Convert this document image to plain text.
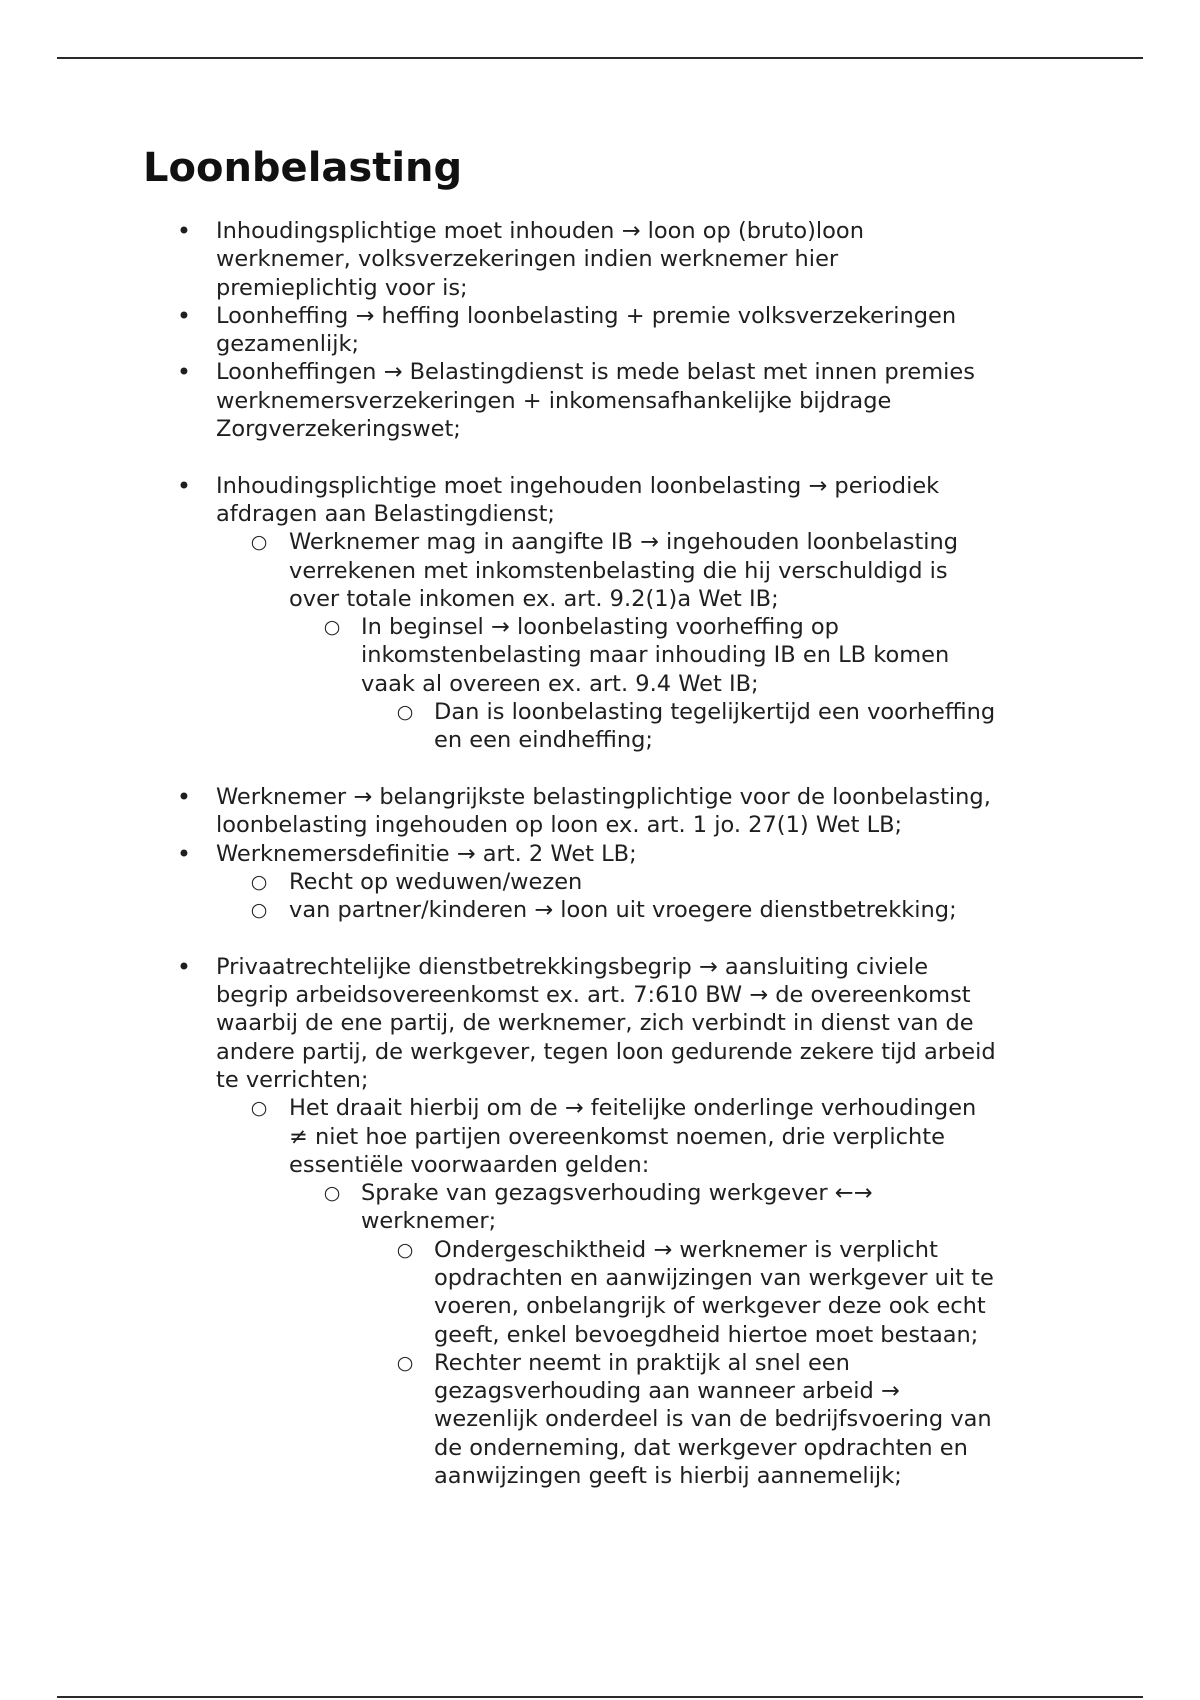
Loonbelasting
• Inhoudingsplichtige moet inhouden → loon op (bruto)loon
werknemer, volksverzekeringen indien werknemer hier
premieplichtig voor is;
• Loonheffing → heffing loonbelasting + premie volksverzekeringen
gezamenlijk;
• Loonheffingen → Belastingdienst is mede belast met innen premies
werknemersverzekeringen + inkomensafhankelijke bijdrage
Zorgverzekeringswet;
• Inhoudingsplichtige moet ingehouden loonbelasting → periodiek
afdragen aan Belastingdienst;
○ Werknemer mag in aangifte IB → ingehouden loonbelasting
verrekenen met inkomstenbelasting die hij verschuldigd is
over totale inkomen ex. art. 9.2(1)a Wet IB;
○ In beginsel → loonbelasting voorheffing op
inkomstenbelasting maar inhouding IB en LB komen
vaak al overeen ex. art. 9.4 Wet IB;
○ Dan is loonbelasting tegelijkertijd een voorheffing
en een eindheffing;
• Werknemer → belangrijkste belastingplichtige voor de loonbelasting,
loonbelasting ingehouden op loon ex. art. 1 jo. 27(1) Wet LB;
• Werknemersdefinitie → art. 2 Wet LB;
○ Recht op weduwen/wezen
○ van partner/kinderen → loon uit vroegere dienstbetrekking;
• Privaatrechtelijke dienstbetrekkingsbegrip → aansluiting civiele
begrip arbeidsovereenkomst ex. art. 7:610 BW → de overeenkomst
waarbij de ene partij, de werknemer, zich verbindt in dienst van de
andere partij, de werkgever, tegen loon gedurende zekere tijd arbeid
te verrichten;
○ Het draait hierbij om de → feitelijke onderlinge verhoudingen
≠ niet hoe partijen overeenkomst noemen, drie verplichte
essentiële voorwaarden gelden:
○ Sprake van gezagsverhouding werkgever ←→
werknemer;
○ Ondergeschiktheid → werknemer is verplicht
opdrachten en aanwijzingen van werkgever uit te
voeren, onbelangrijk of werkgever deze ook echt
geeft, enkel bevoegdheid hiertoe moet bestaan;
○ Rechter neemt in praktijk al snel een
gezagsverhouding aan wanneer arbeid →
wezenlijk onderdeel is van de bedrijfsvoering van
de onderneming, dat werkgever opdrachten en
aanwijzingen geeft is hierbij aannemelijk;
